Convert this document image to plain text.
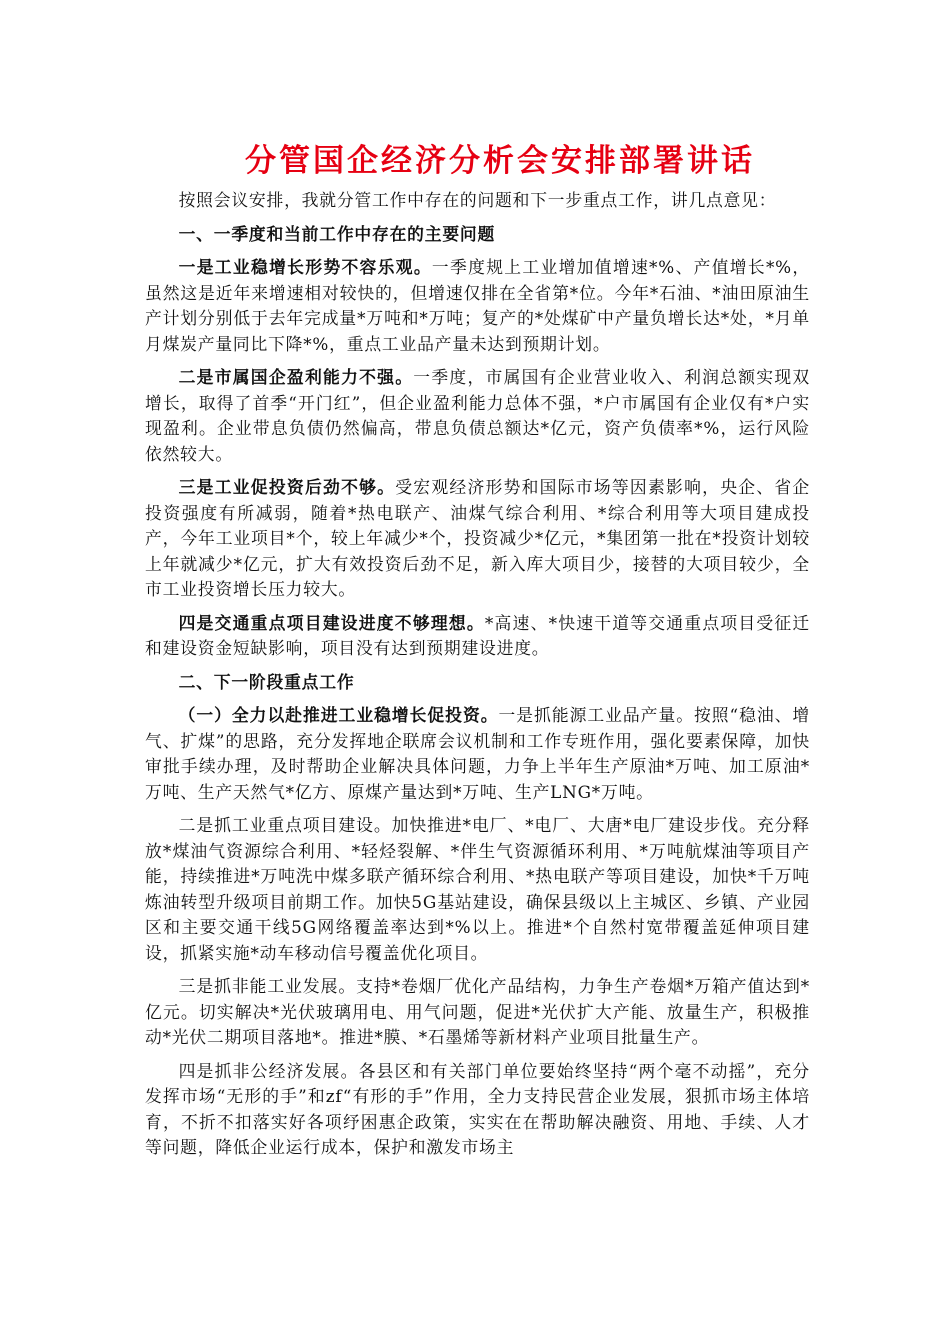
分管国企经济分析会安排部署讲话

按照会议安排，我就分管工作中存在的问题和下一步重点工作，讲几点意见：

一、一季度和当前工作中存在的主要问题

一是工业稳增长形势不容乐观。一季度规上工业增加值增速*%、产值增长*%，虽然这是近年来增速相对较快的，但增速仅排在全省第*位。今年*石油、*油田原油生产计划分别低于去年完成量*万吨和*万吨；复产的*处煤矿中产量负增长达*处，*月单月煤炭产量同比下降*%，重点工业品产量未达到预期计划。

二是市属国企盈利能力不强。一季度，市属国有企业营业收入、利润总额实现双增长，取得了首季“开门红”，但企业盈利能力总体不强，*户市属国有企业仅有*户实现盈利。企业带息负债仍然偏高，带息负债总额达*亿元，资产负债率*%，运行风险依然较大。

三是工业促投资后劲不够。受宏观经济形势和国际市场等因素影响，央企、省企投资强度有所减弱，随着*热电联产、油煤气综合利用、*综合利用等大项目建成投产，今年工业项目*个，较上年减少*个，投资减少*亿元，*集团第一批在*投资计划较上年就减少*亿元，扩大有效投资后劲不足，新入库大项目少，接替的大项目较少，全市工业投资增长压力较大。

四是交通重点项目建设进度不够理想。*高速、*快速干道等交通重点项目受征迁和建设资金短缺影响，项目没有达到预期建设进度。

二、下一阶段重点工作

（一）全力以赴推进工业稳增长促投资。一是抓能源工业品产量。按照“稳油、增气、扩煤”的思路，充分发挥地企联席会议机制和工作专班作用，强化要素保障，加快审批手续办理，及时帮助企业解决具体问题，力争上半年生产原油*万吨、加工原油*万吨、生产天然气*亿方、原煤产量达到*万吨、生产LNG*万吨。

二是抓工业重点项目建设。加快推进*电厂、*电厂、大唐*电厂建设步伐。充分释放*煤油气资源综合利用、*轻烃裂解、*伴生气资源循环利用、*万吨航煤油等项目产能，持续推进*万吨洗中煤多联产循环综合利用、*热电联产等项目建设，加快*千万吨炼油转型升级项目前期工作。加快5G基站建设，确保县级以上主城区、乡镇、产业园区和主要交通干线5G网络覆盖率达到*%以上。推进*个自然村宽带覆盖延伸项目建设，抓紧实施*动车移动信号覆盖优化项目。

三是抓非能工业发展。支持*卷烟厂优化产品结构，力争生产卷烟*万箱产值达到*亿元。切实解决*光伏玻璃用电、用气问题，促进*光伏扩大产能、放量生产，积极推动*光伏二期项目落地*。推进*膜、*石墨烯等新材料产业项目批量生产。

四是抓非公经济发展。各县区和有关部门单位要始终坚持“两个毫不动摇”，充分发挥市场“无形的手”和zf“有形的手”作用，全力支持民营企业发展，狠抓市场主体培育，不折不扣落实好各项纾困惠企政策，实实在在帮助解决融资、用地、手续、人才等问题，降低企业运行成本，保护和激发市场主
